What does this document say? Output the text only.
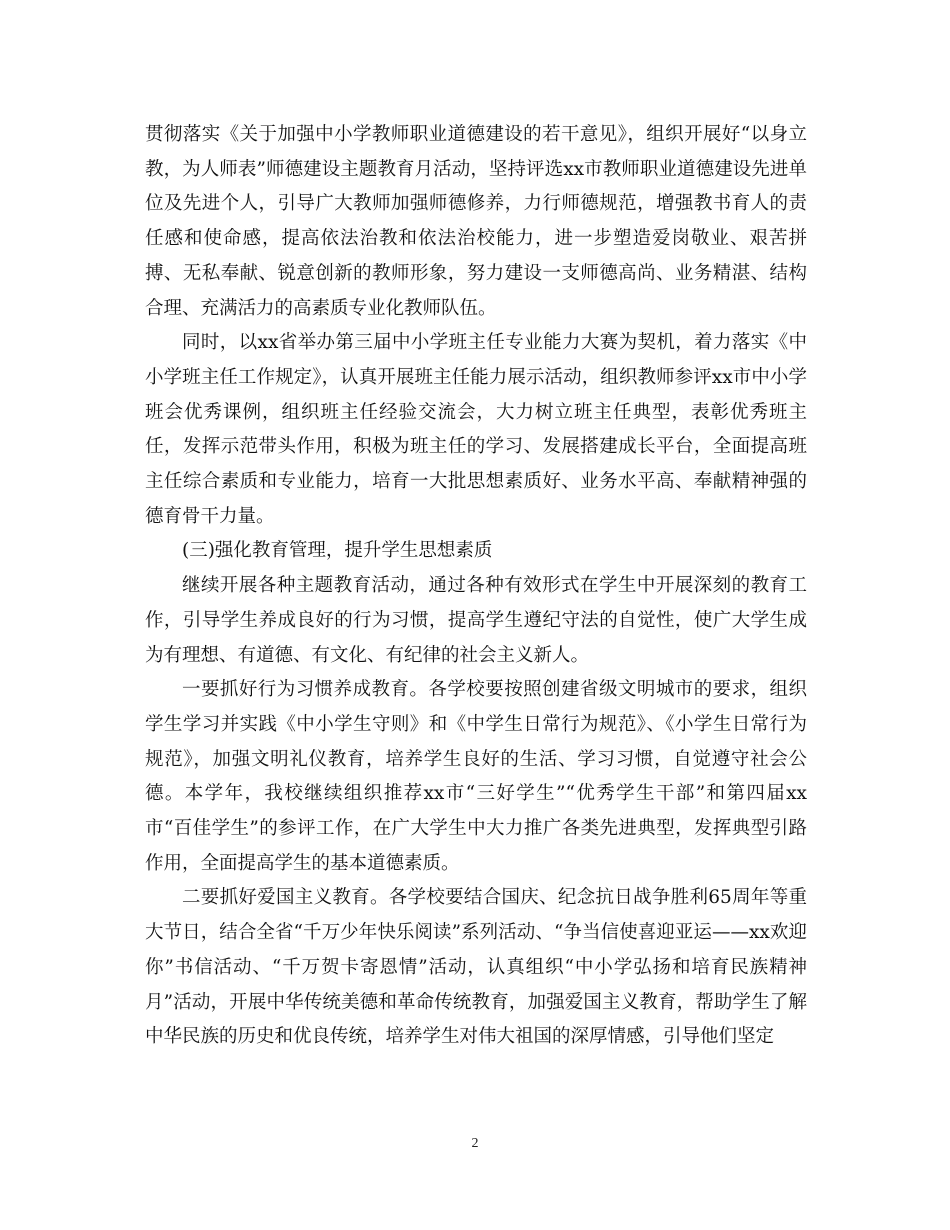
贯彻落实《关于加强中小学教师职业道德建设的若干意见》，组织开展好“以身立教，为人师表”师德建设主题教育月活动，坚持评选xx市教师职业道德建设先进单位及先进个人，引导广大教师加强师德修养，力行师德规范，增强教书育人的责任感和使命感，提高依法治教和依法治校能力，进一步塑造爱岗敬业、艰苦拼搏、无私奉献、锐意创新的教师形象，努力建设一支师德高尚、业务精湛、结构合理、充满活力的高素质专业化教师队伍。

同时，以xx省举办第三届中小学班主任专业能力大赛为契机，着力落实《中小学班主任工作规定》，认真开展班主任能力展示活动，组织教师参评xx市中小学班会优秀课例，组织班主任经验交流会，大力树立班主任典型，表彰优秀班主任，发挥示范带头作用，积极为班主任的学习、发展搭建成长平台，全面提高班主任综合素质和专业能力，培育一大批思想素质好、业务水平高、奉献精神强的德育骨干力量。

(三)强化教育管理，提升学生思想素质

继续开展各种主题教育活动，通过各种有效形式在学生中开展深刻的教育工作，引导学生养成良好的行为习惯，提高学生遵纪守法的自觉性，使广大学生成为有理想、有道德、有文化、有纪律的社会主义新人。

一要抓好行为习惯养成教育。各学校要按照创建省级文明城市的要求，组织学生学习并实践《中小学生守则》和《中学生日常行为规范》、《小学生日常行为规范》，加强文明礼仪教育，培养学生良好的生活、学习习惯，自觉遵守社会公德。本学年，我校继续组织推荐xx市“三好学生”“优秀学生干部”和第四届xx市“百佳学生”的参评工作，在广大学生中大力推广各类先进典型，发挥典型引路作用，全面提高学生的基本道德素质。

二要抓好爱国主义教育。各学校要结合国庆、纪念抗日战争胜利65周年等重大节日，结合全省“千万少年快乐阅读”系列活动、“争当信使喜迎亚运——xx欢迎你”书信活动、“千万贺卡寄恩情”活动，认真组织“中小学弘扬和培育民族精神月”活动，开展中华传统美德和革命传统教育，加强爱国主义教育，帮助学生了解中华民族的历史和优良传统，培养学生对伟大祖国的深厚情感，引导他们坚定

2
